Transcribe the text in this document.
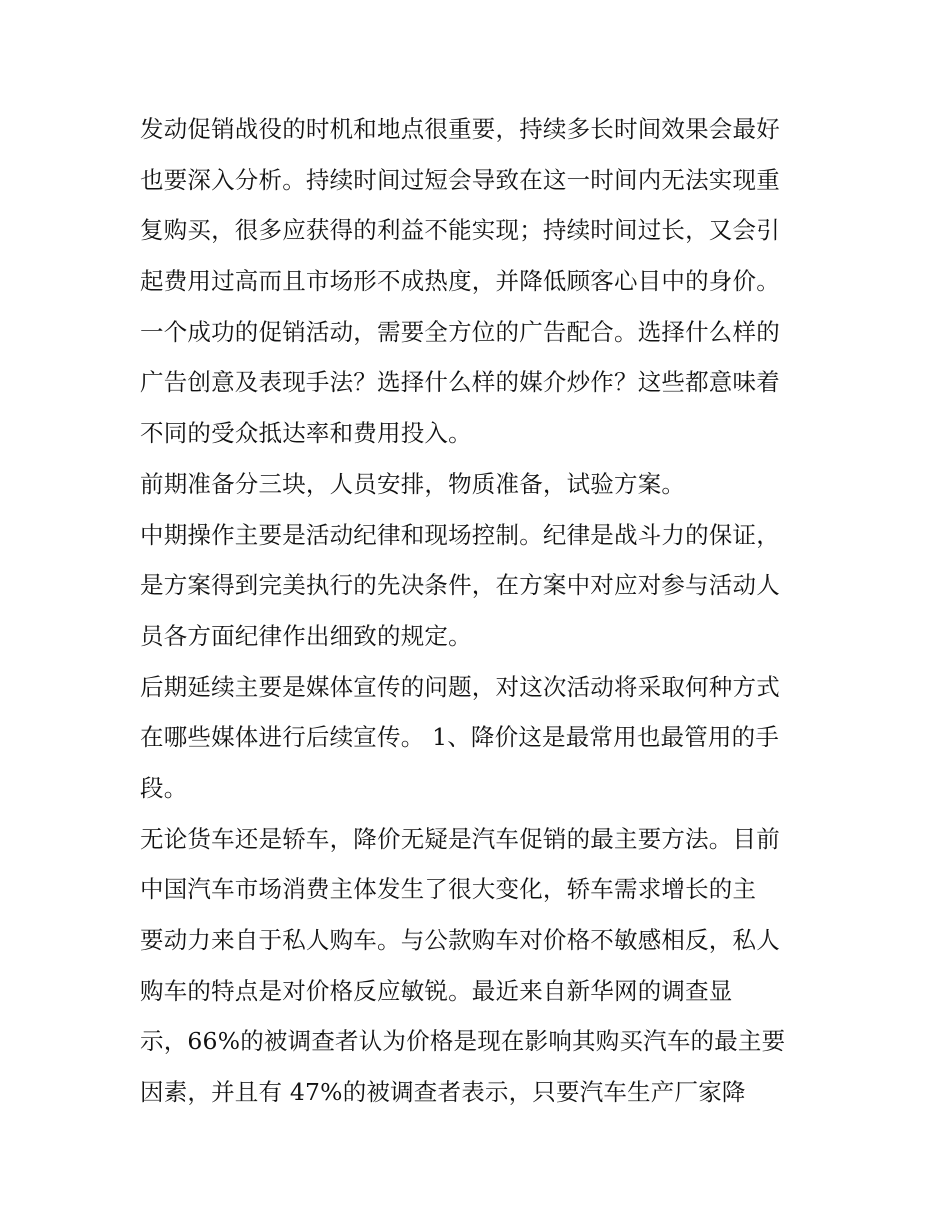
发动促销战役的时机和地点很重要，持续多长时间效果会最好
也要深入分析。持续时间过短会导致在这一时间内无法实现重
复购买，很多应获得的利益不能实现；持续时间过长，又会引
起费用过高而且市场形不成热度，并降低顾客心目中的身价。
一个成功的促销活动，需要全方位的广告配合。选择什么样的
广告创意及表现手法？选择什么样的媒介炒作？这些都意味着
不同的受众抵达率和费用投入。
前期准备分三块，人员安排，物质准备，试验方案。
中期操作主要是活动纪律和现场控制。纪律是战斗力的保证，
是方案得到完美执行的先决条件，在方案中对应对参与活动人
员各方面纪律作出细致的规定。
后期延续主要是媒体宣传的问题，对这次活动将采取何种方式
在哪些媒体进行后续宣传。 1、降价这是最常用也最管用的手
段。
无论货车还是轿车，降价无疑是汽车促销的最主要方法。目前
中国汽车市场消费主体发生了很大变化，轿车需求增长的主
要动力来自于私人购车。与公款购车对价格不敏感相反，私人
购车的特点是对价格反应敏锐。最近来自新华网的调查显
示，66%的被调查者认为价格是现在影响其购买汽车的最主要
因素，并且有 47%的被调查者表示，只要汽车生产厂家降
